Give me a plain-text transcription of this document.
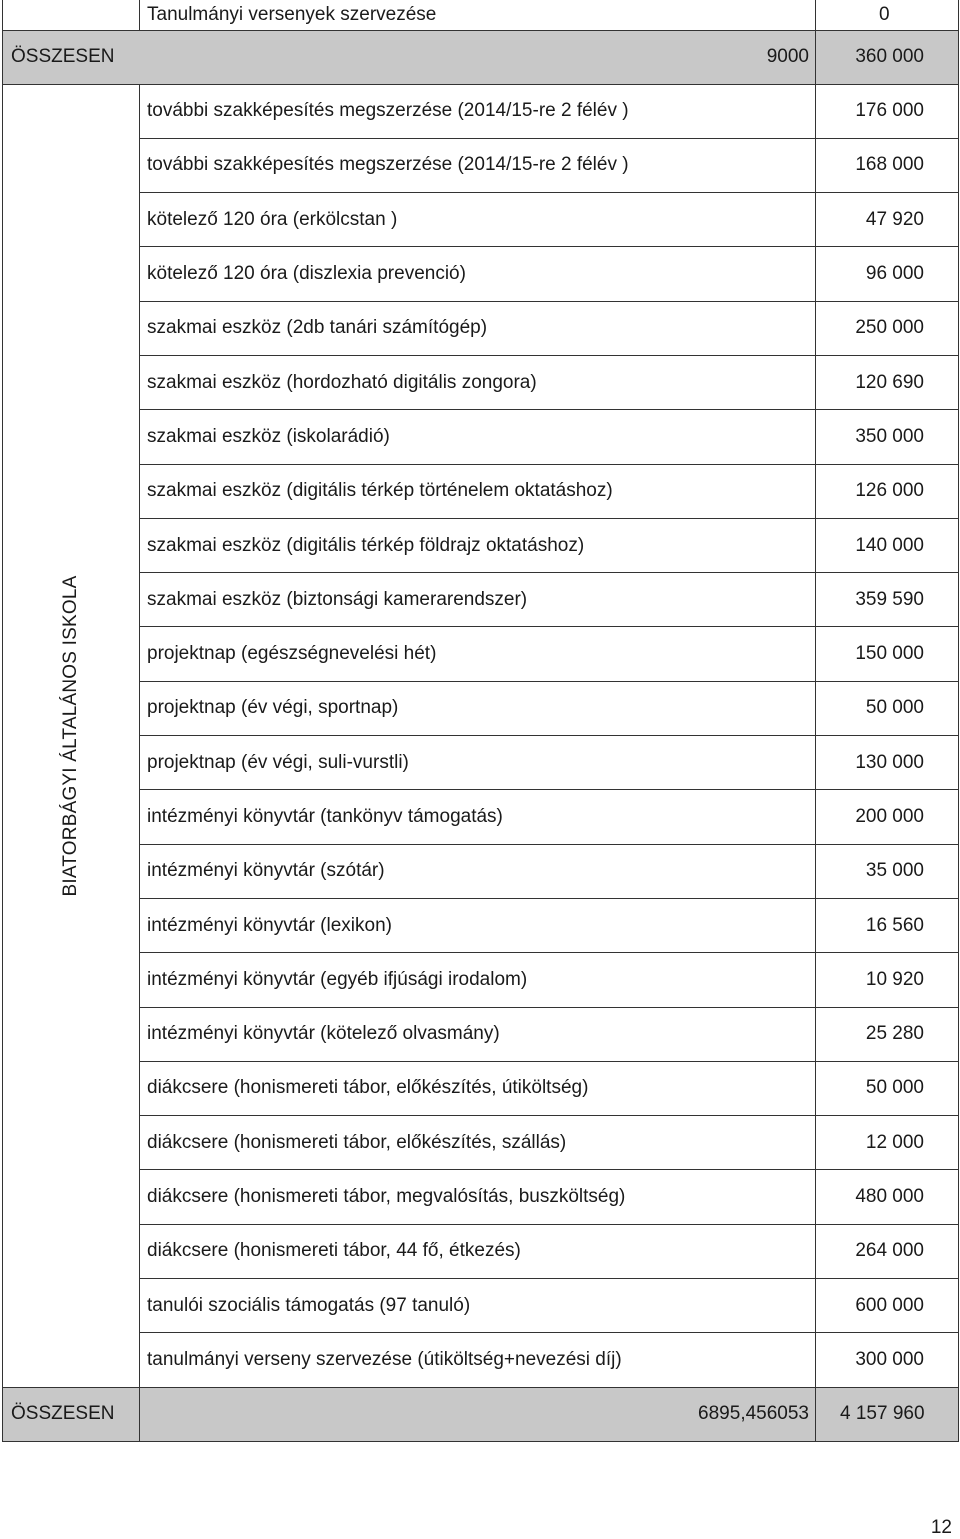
	Tanulmányi versenyek szervezése	0
ÖSSZESEN 9000		360 000

BIATORBÁGYI ÁLTALÁNOS ISKOLA	további szakképesítés megszerzése (2014/15-re 2 félév )	176 000
	további szakképesítés megszerzése (2014/15-re 2 félév )	168 000
	kötelező 120 óra (erkölcstan )	47 920
	kötelező 120 óra (diszlexia prevenció)	96 000
	szakmai eszköz (2db tanári számítógép)	250 000
	szakmai eszköz (hordozható digitális zongora)	120 690
	szakmai eszköz (iskolarádió)	350 000
	szakmai eszköz (digitális térkép történelem oktatáshoz)	126 000
	szakmai eszköz (digitális térkép földrajz oktatáshoz)	140 000
	szakmai eszköz (biztonsági kamerarendszer)	359 590
	projektnap (egészségnevelési hét)	150 000
	projektnap (év végi, sportnap)	50 000
	projektnap (év végi, suli-vurstli)	130 000
	intézményi könyvtár (tankönyv támogatás)	200 000
	intézményi könyvtár (szótár)	35 000
	intézményi könyvtár (lexikon)	16 560
	intézményi könyvtár (egyéb ifjúsági irodalom)	10 920
	intézményi könyvtár (kötelező olvasmány)	25 280
	diákcsere (honismereti tábor, előkészítés, útiköltség)	50 000
	diákcsere (honismereti tábor, előkészítés, szállás)	12 000
	diákcsere (honismereti tábor, megvalósítás, buszköltség)	480 000
	diákcsere (honismereti tábor, 44 fő, étkezés)	264 000
	tanulói szociális támogatás (97 tanuló)	600 000
	tanulmányi verseny szervezése (útiköltség+nevezési díj)	300 000
ÖSSZESEN	6895,456053	4 157 960
12
